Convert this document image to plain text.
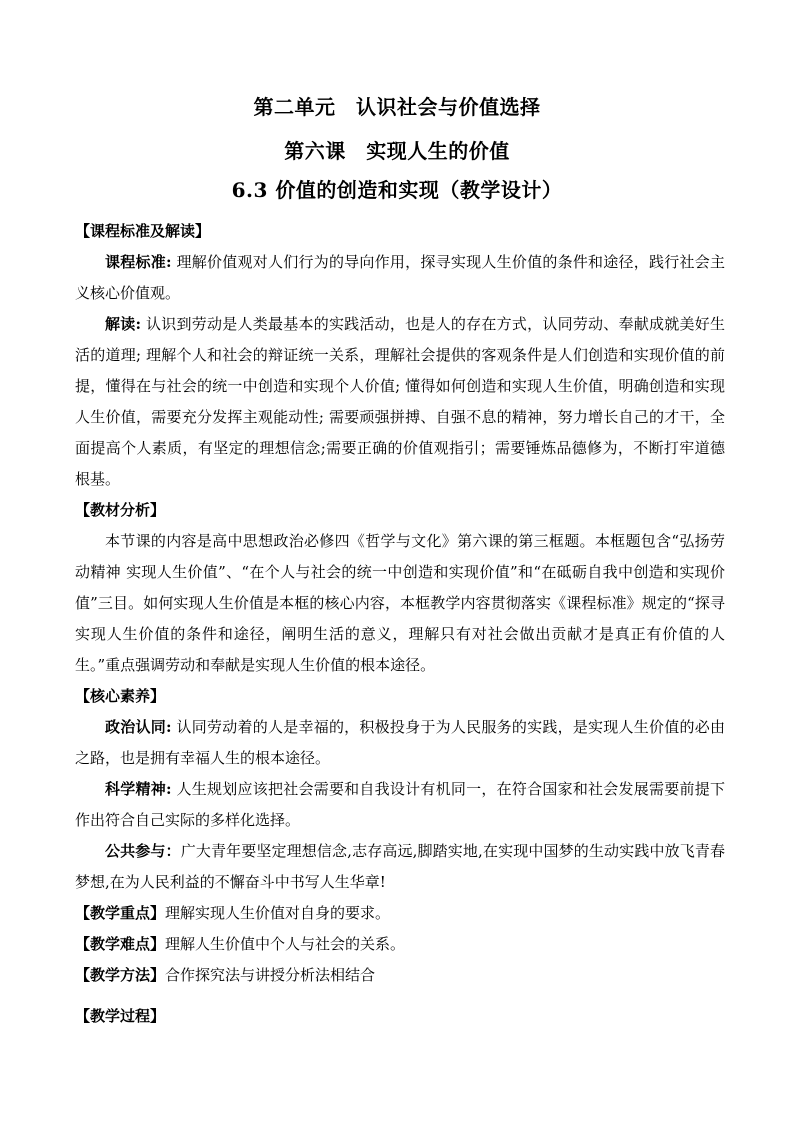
第二单元　认识社会与价值选择
第六课　实现人生的价值
6.3 价值的创造和实现（教学设计）

【课程标准及解读】

课程标准: 理解价值观对人们行为的导向作用，探寻实现人生价值的条件和途径，践行社会主义核心价值观。

解读: 认识到劳动是人类最基本的实践活动，也是人的存在方式，认同劳动、奉献成就美好生活的道理; 理解个人和社会的辩证统一关系，理解社会提供的客观条件是人们创造和实现价值的前提，懂得在与社会的统一中创造和实现个人价值; 懂得如何创造和实现人生价值，明确创造和实现人生价值，需要充分发挥主观能动性; 需要顽强拼搏、自强不息的精神，努力增长自己的才干，全面提高个人素质，有坚定的理想信念;需要正确的价值观指引；需要锤炼品德修为，不断打牢道德根基。

【教材分析】

本节课的内容是高中思想政治必修四《哲学与文化》第六课的第三框题。本框题包含“弘扬劳动精神 实现人生价值”、“在个人与社会的统一中创造和实现价值”和“在砥砺自我中创造和实现价值”三目。如何实现人生价值是本框的核心内容，本框教学内容贯彻落实《课程标准》规定的“探寻实现人生价值的条件和途径，阐明生活的意义，理解只有对社会做出贡献才是真正有价值的人生。”重点强调劳动和奉献是实现人生价值的根本途径。

【核心素养】

政治认同: 认同劳动着的人是幸福的，积极投身于为人民服务的实践，是实现人生价值的必由之路，也是拥有幸福人生的根本途径。

科学精神: 人生规划应该把社会需要和自我设计有机同一，在符合国家和社会发展需要前提下作出符合自己实际的多样化选择。

公共参与：广大青年要坚定理想信念,志存高远,脚踏实地,在实现中国梦的生动实践中放飞青春梦想,在为人民利益的不懈奋斗中书写人生华章!

【教学重点】理解实现人生价值对自身的要求。

【教学难点】理解人生价值中个人与社会的关系。

【教学方法】合作探究法与讲授分析法相结合

【教学过程】
